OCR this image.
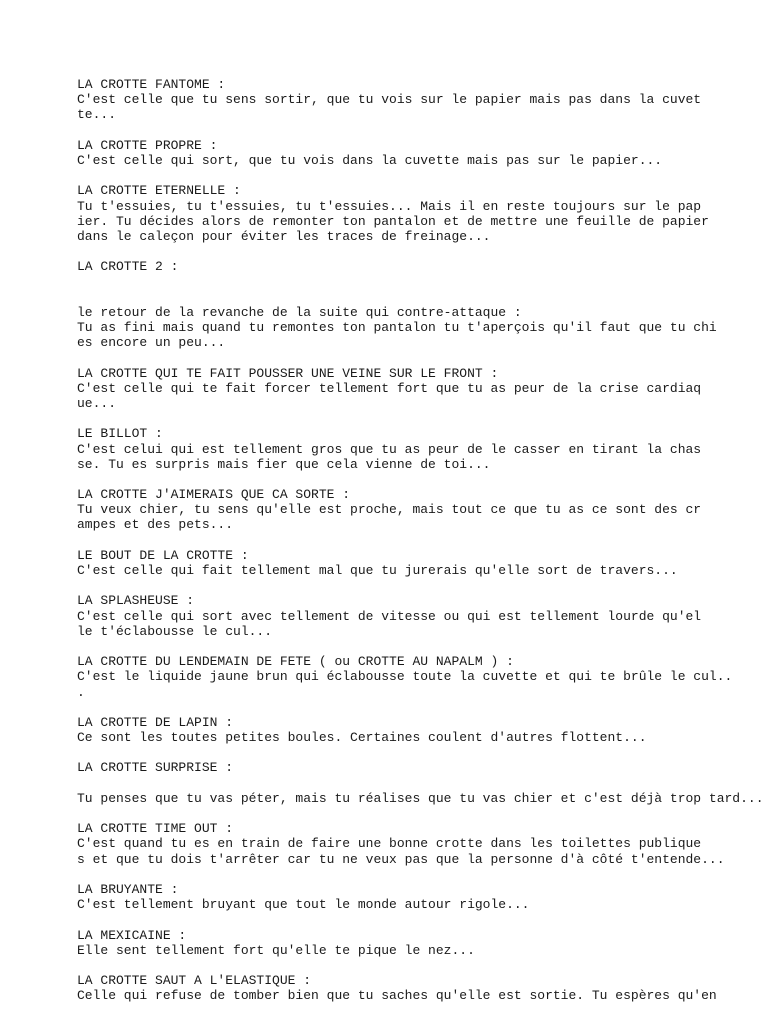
LA CROTTE FANTOME :
C'est celle que tu sens sortir, que tu vois sur le papier mais pas dans la cuvet
te...
LA CROTTE PROPRE :
C'est celle qui sort, que tu vois dans la cuvette mais pas sur le papier...
LA CROTTE ETERNELLE :
Tu t'essuies, tu t'essuies, tu t'essuies... Mais il en reste toujours sur le pap
ier. Tu décides alors de remonter ton pantalon et de mettre une feuille de papier
dans le caleçon pour éviter les traces de freinage...
LA CROTTE 2 :
le retour de la revanche de la suite qui contre-attaque :
Tu as fini mais quand tu remontes ton pantalon tu t'aperçois qu'il faut que tu chi
es encore un peu...
LA CROTTE QUI TE FAIT POUSSER UNE VEINE SUR LE FRONT :
C'est celle qui te fait forcer tellement fort que tu as peur de la crise cardiaq
ue...
LE BILLOT :
C'est celui qui est tellement gros que tu as peur de le casser en tirant la chas
se. Tu es surpris mais fier que cela vienne de toi...
LA CROTTE J'AIMERAIS QUE CA SORTE :
Tu veux chier, tu sens qu'elle est proche, mais tout ce que tu as ce sont des cr
ampes et des pets...
LE BOUT DE LA CROTTE :
C'est celle qui fait tellement mal que tu jurerais qu'elle sort de travers...
LA SPLASHEUSE :
C'est celle qui sort avec tellement de vitesse ou qui est tellement lourde qu'el
le t'éclabousse le cul...
LA CROTTE DU LENDEMAIN DE FETE ( ou CROTTE AU NAPALM ) :
C'est le liquide jaune brun qui éclabousse toute la cuvette et qui te brûle le cul..
.
LA CROTTE DE LAPIN :
Ce sont les toutes petites boules. Certaines coulent d'autres flottent...
LA CROTTE SURPRISE :
Tu penses que tu vas péter, mais tu réalises que tu vas chier et c'est déjà trop tard...
LA CROTTE TIME OUT :
C'est quand tu es en train de faire une bonne crotte dans les toilettes publique
s et que tu dois t'arrêter car tu ne veux pas que la personne d'à côté t'entende...
LA BRUYANTE :
C'est tellement bruyant que tout le monde autour rigole...
LA MEXICAINE :
Elle sent tellement fort qu'elle te pique le nez...
LA CROTTE SAUT A L'ELASTIQUE :
Celle qui refuse de tomber bien que tu saches qu'elle est sortie. Tu espères qu'en
